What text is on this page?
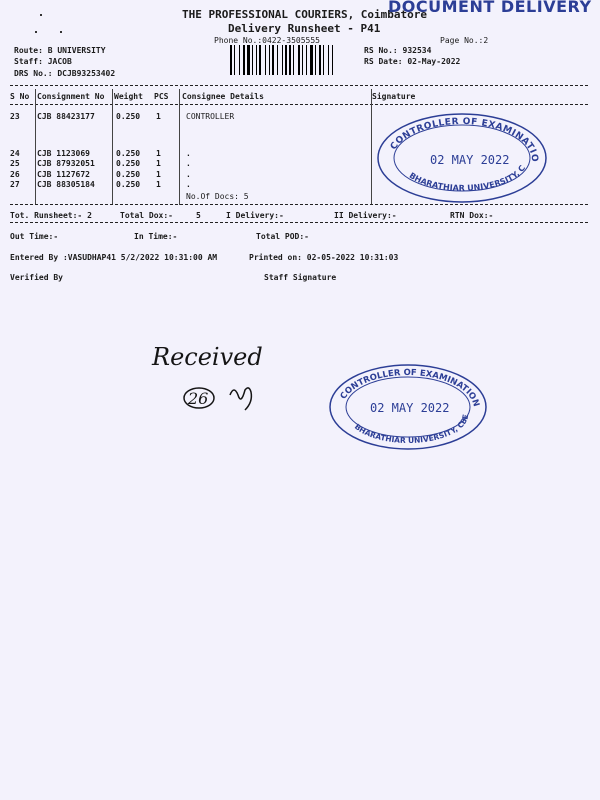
THE PROFESSIONAL COURIERS, Coimbatore
DOCUMENT DELIVERY
Delivery Runsheet - P41
Phone No.:0422-3505555	Page No.:2
Route: B UNIVERSITY
Staff: JACOB
DRS No.: DCJB93253402
RS No.: 932534
RS Date: 02-May-2022
S No Consignment No Weight PCS Consignee Details	Signature
23 CJB 88423177	0.250 1	CONTROLLER
24 CJB 1123069	0.250 1	.
25 CJB 87932051	0.250 1	.
26 CJB 1127672	0.250 1	.
27 CJB 88305184	0.250 1	.
No.Of Docs: 5
Tot. Runsheet:- 2	Total Dox:-	5	I Delivery:-	II Delivery:-	RTN Dox:-
Out Time:-	In Time:-	Total POD:-
Entered By :VASUDHAP41 5/2/2022 10:31:00 AM	Printed on: 02-05-2022 10:31:03
Verified By	Staff Signature
CONTROLLER OF EXAMINATIO
BHARATHIAR UNIVERSITY, C
02 MAY 2022
Received
26	CONTROLLER OF EXAMINATION
BHARATHIAR UNIVERSITY, CBE
02 MAY 2022
